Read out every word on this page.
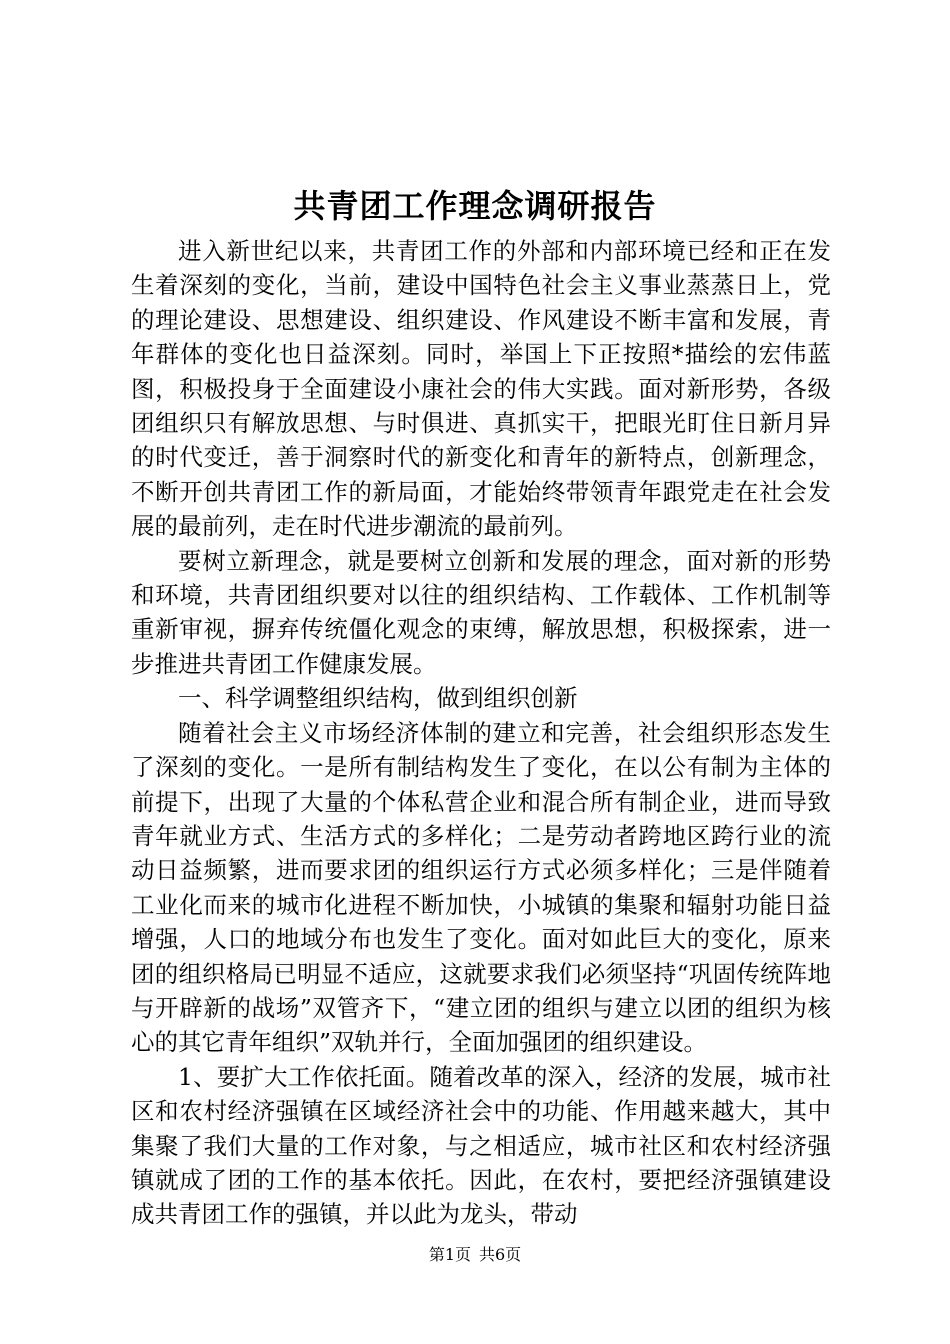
共青团工作理念调研报告

进入新世纪以来，共青团工作的外部和内部环境已经和正在发生着深刻的变化，当前，建设中国特色社会主义事业蒸蒸日上，党的理论建设、思想建设、组织建设、作风建设不断丰富和发展，青年群体的变化也日益深刻。同时，举国上下正按照*描绘的宏伟蓝图，积极投身于全面建设小康社会的伟大实践。面对新形势，各级团组织只有解放思想、与时俱进、真抓实干，把眼光盯住日新月异的时代变迁，善于洞察时代的新变化和青年的新特点，创新理念，不断开创共青团工作的新局面，才能始终带领青年跟党走在社会发展的最前列，走在时代进步潮流的最前列。

要树立新理念，就是要树立创新和发展的理念，面对新的形势和环境，共青团组织要对以往的组织结构、工作载体、工作机制等重新审视，摒弃传统僵化观念的束缚，解放思想，积极探索，进一步推进共青团工作健康发展。

一、科学调整组织结构，做到组织创新

随着社会主义市场经济体制的建立和完善，社会组织形态发生了深刻的变化。一是所有制结构发生了变化，在以公有制为主体的前提下，出现了大量的个体私营企业和混合所有制企业，进而导致青年就业方式、生活方式的多样化；二是劳动者跨地区跨行业的流动日益频繁，进而要求团的组织运行方式必须多样化；三是伴随着工业化而来的城市化进程不断加快，小城镇的集聚和辐射功能日益增强，人口的地域分布也发生了变化。面对如此巨大的变化，原来团的组织格局已明显不适应，这就要求我们必须坚持“巩固传统阵地与开辟新的战场”双管齐下，“建立团的组织与建立以团的组织为核心的其它青年组织”双轨并行，全面加强团的组织建设。

1、要扩大工作依托面。随着改革的深入，经济的发展，城市社区和农村经济强镇在区域经济社会中的功能、作用越来越大，其中集聚了我们大量的工作对象，与之相适应，城市社区和农村经济强镇就成了团的工作的基本依托。因此，在农村，要把经济强镇建设成共青团工作的强镇，并以此为龙头，带动

第1页 共6页
